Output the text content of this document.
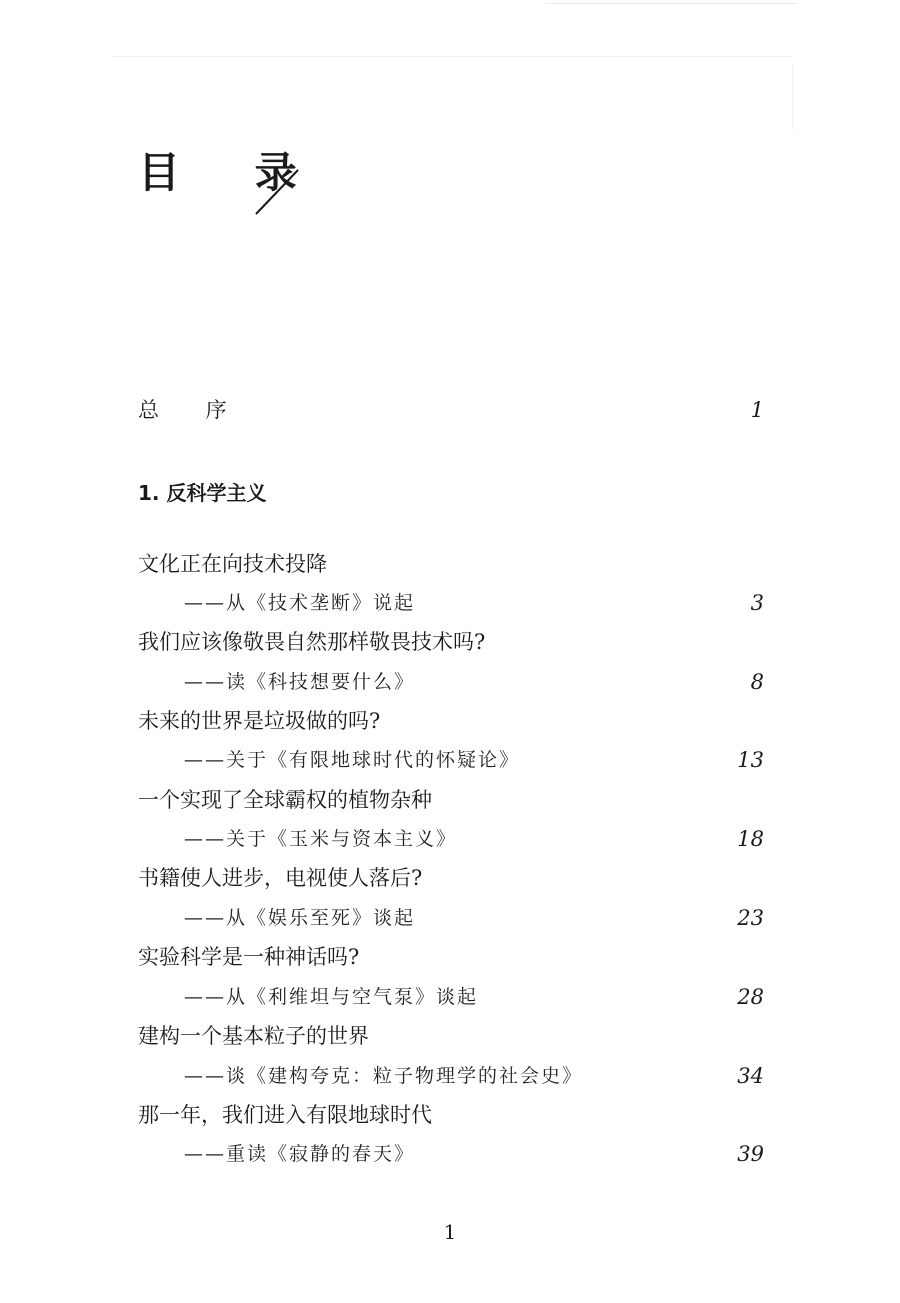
目 录
总 序	1
1. 反科学主义
文化正在向技术投降
——从《技术垄断》说起	3
我们应该像敬畏自然那样敬畏技术吗?
——读《科技想要什么》	8
未来的世界是垃圾做的吗?
——关于《有限地球时代的怀疑论》	13
一个实现了全球霸权的植物杂种
——关于《玉米与资本主义》	18
书籍使人进步，电视使人落后?
——从《娱乐至死》谈起	23
实验科学是一种神话吗?
——从《利维坦与空气泵》谈起	28
建构一个基本粒子的世界
——谈《建构夸克：粒子物理学的社会史》	34
那一年，我们进入有限地球时代
——重读《寂静的春天》	39
1
